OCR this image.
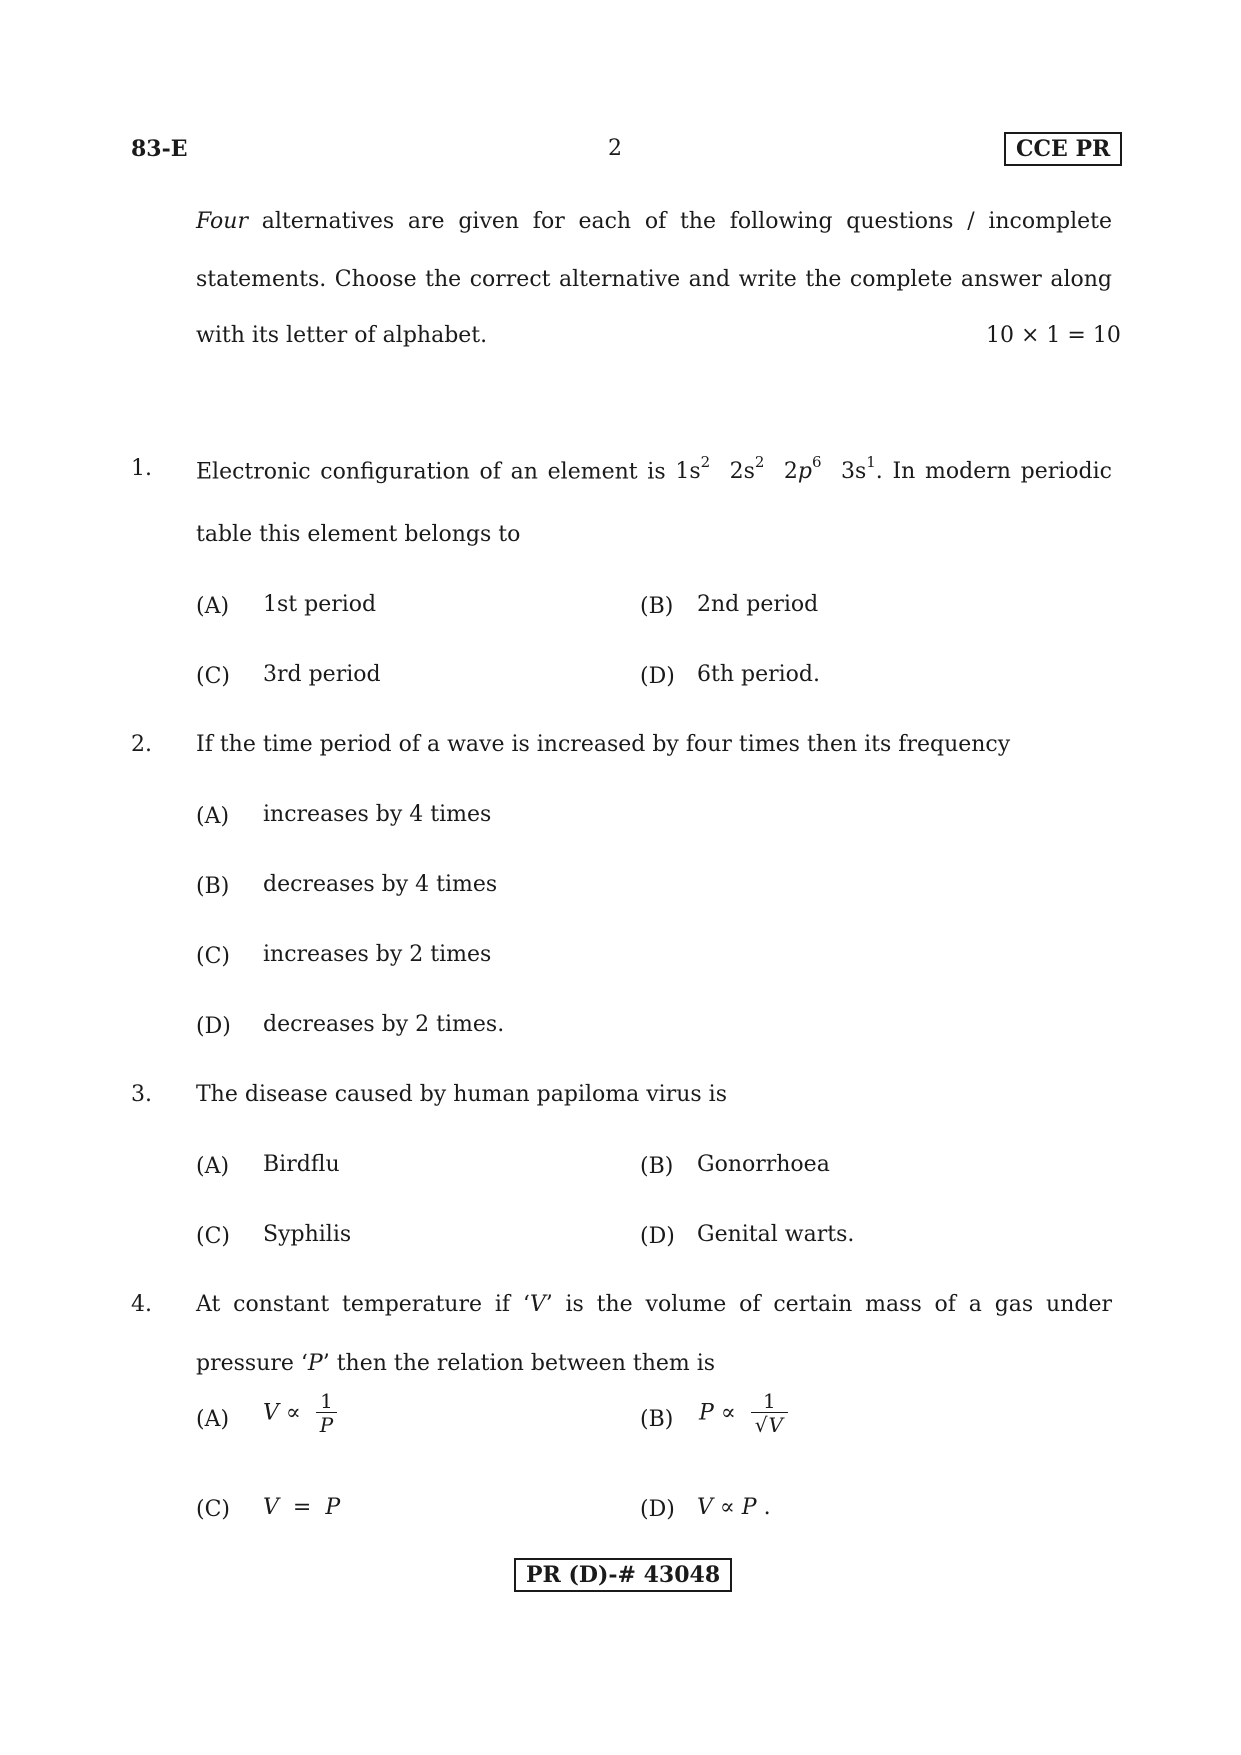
83-E	2	CCE PR
Four alternatives are given for each of the following questions / incomplete
statements. Choose the correct alternative and write the complete answer along
with its letter of alphabet.	10 × 1 = 10
1. Electronic configuration of an element is $1s^2$ $2s^2$ $2p^6$ $3s^1$. In modern periodic
table this element belongs to
(A) 1st period	(B) 2nd period
(C) 3rd period	(D) 6th period.
2. If the time period of a wave is increased by four times then its frequency
(A) increases by 4 times
(B) decreases by 4 times
(C) increases by 2 times
(D) decreases by 2 times.
3. The disease caused by human papiloma virus is
(A) Birdflu	(B) Gonorrhoea
(C) Syphilis	(D) Genital warts.
4. At constant temperature if ‘V’ is the volume of certain mass of a gas under
pressure ‘P’ then the relation between them is
(A) $V \propto \frac{1}{P}$	(B) $P \propto \frac{1}{√V}$
(C) V = P	(D) V ∝ P .
PR (D)-# 43048
